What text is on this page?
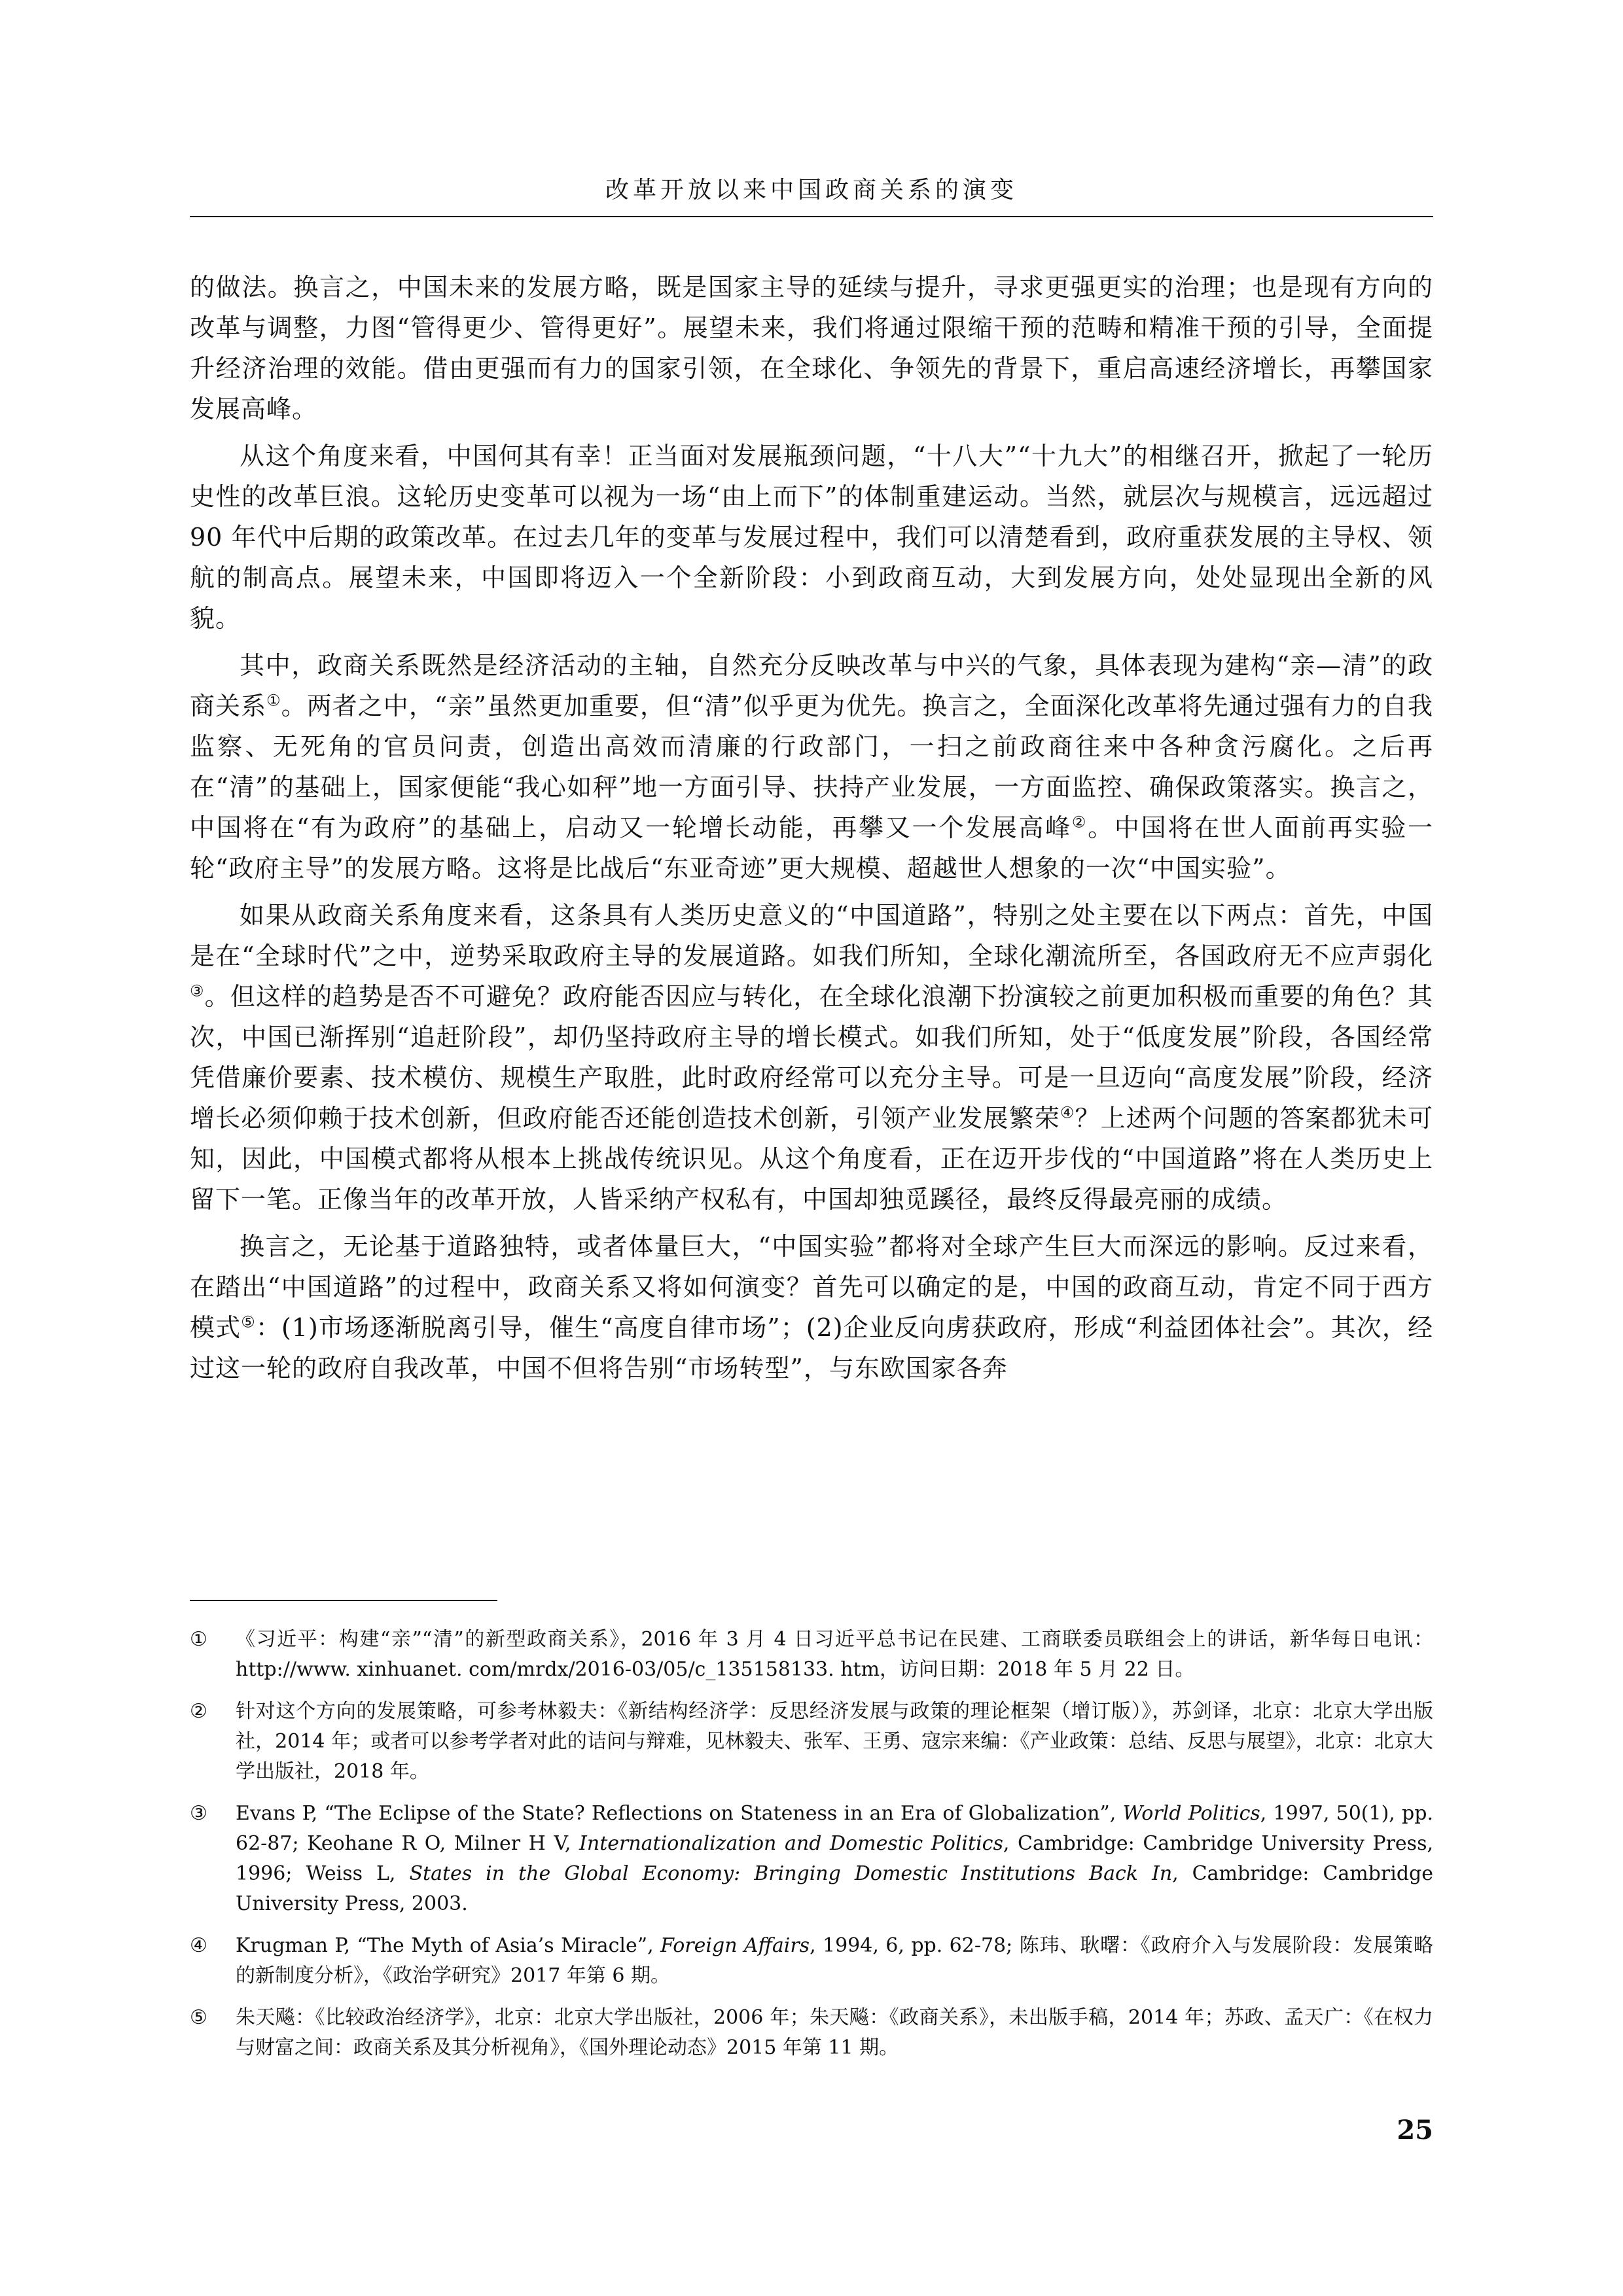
改革开放以来中国政商关系的演变

的做法。换言之，中国未来的发展方略，既是国家主导的延续与提升，寻求更强更实的治理；也是现有方向的改革与调整，力图“管得更少、管得更好”。展望未来，我们将通过限缩干预的范畴和精准干预的引导，全面提升经济治理的效能。借由更强而有力的国家引领，在全球化、争领先的背景下，重启高速经济增长，再攀国家发展高峰。

从这个角度来看，中国何其有幸！正当面对发展瓶颈问题，“十八大”“十九大”的相继召开，掀起了一轮历史性的改革巨浪。这轮历史变革可以视为一场“由上而下”的体制重建运动。当然，就层次与规模言，远远超过 90 年代中后期的政策改革。在过去几年的变革与发展过程中，我们可以清楚看到，政府重获发展的主导权、领航的制高点。展望未来，中国即将迈入一个全新阶段：小到政商互动，大到发展方向，处处显现出全新的风貌。

其中，政商关系既然是经济活动的主轴，自然充分反映改革与中兴的气象，具体表现为建构“亲—清”的政商关系①。两者之中，“亲”虽然更加重要，但“清”似乎更为优先。换言之，全面深化改革将先通过强有力的自我监察、无死角的官员问责，创造出高效而清廉的行政部门，一扫之前政商往来中各种贪污腐化。之后再在“清”的基础上，国家便能“我心如秤”地一方面引导、扶持产业发展，一方面监控、确保政策落实。换言之，中国将在“有为政府”的基础上，启动又一轮增长动能，再攀又一个发展高峰②。中国将在世人面前再实验一轮“政府主导”的发展方略。这将是比战后“东亚奇迹”更大规模、超越世人想象的一次“中国实验”。

如果从政商关系角度来看，这条具有人类历史意义的“中国道路”，特别之处主要在以下两点：首先，中国是在“全球时代”之中，逆势采取政府主导的发展道路。如我们所知，全球化潮流所至，各国政府无不应声弱化③。但这样的趋势是否不可避免？政府能否因应与转化，在全球化浪潮下扮演较之前更加积极而重要的角色？其次，中国已渐挥别“追赶阶段”，却仍坚持政府主导的增长模式。如我们所知，处于“低度发展”阶段，各国经常凭借廉价要素、技术模仿、规模生产取胜，此时政府经常可以充分主导。可是一旦迈向“高度发展”阶段，经济增长必须仰赖于技术创新，但政府能否还能创造技术创新，引领产业发展繁荣④？上述两个问题的答案都犹未可知，因此，中国模式都将从根本上挑战传统识见。从这个角度看，正在迈开步伐的“中国道路”将在人类历史上留下一笔。正像当年的改革开放，人皆采纳产权私有，中国却独觅蹊径，最终反得最亮丽的成绩。

换言之，无论基于道路独特，或者体量巨大，“中国实验”都将对全球产生巨大而深远的影响。反过来看，在踏出“中国道路”的过程中，政商关系又将如何演变？首先可以确定的是，中国的政商互动，肯定不同于西方模式⑤：(1)市场逐渐脱离引导，催生“高度自律市场”；(2)企业反向虏获政府，形成“利益团体社会”。其次，经过这一轮的政府自我改革，中国不但将告别“市场转型”，与东欧国家各奔

①	《习近平：构建“亲”“清”的新型政商关系》，2016 年 3 月 4 日习近平总书记在民建、工商联委员联组会上的讲话，新华每日电讯：http://www. xinhuanet. com/mrdx/2016-03/05/c_135158133. htm，访问日期：2018 年 5 月 22 日。
②	针对这个方向的发展策略，可参考林毅夫：《新结构经济学：反思经济发展与政策的理论框架（增订版）》，苏剑译，北京：北京大学出版社，2014 年；或者可以参考学者对此的诘问与辩难，见林毅夫、张军、王勇、寇宗来编：《产业政策：总结、反思与展望》，北京：北京大学出版社，2018 年。
③	Evans P, “The Eclipse of the State? Reflections on Stateness in an Era of Globalization”, World Politics, 1997, 50(1), pp. 62-87; Keohane R O, Milner H V, Internationalization and Domestic Politics, Cambridge: Cambridge University Press, 1996; Weiss L, States in the Global Economy: Bringing Domestic Institutions Back In, Cambridge: Cambridge University Press, 2003.
④	Krugman P, “The Myth of Asia’s Miracle”, Foreign Affairs, 1994, 6, pp. 62-78; 陈玮、耿曙：《政府介入与发展阶段：发展策略的新制度分析》，《政治学研究》2017 年第 6 期。
⑤	朱天飚：《比较政治经济学》，北京：北京大学出版社，2006 年；朱天飚：《政商关系》，未出版手稿，2014 年；苏政、孟天广：《在权力与财富之间：政商关系及其分析视角》，《国外理论动态》2015 年第 11 期。
25
